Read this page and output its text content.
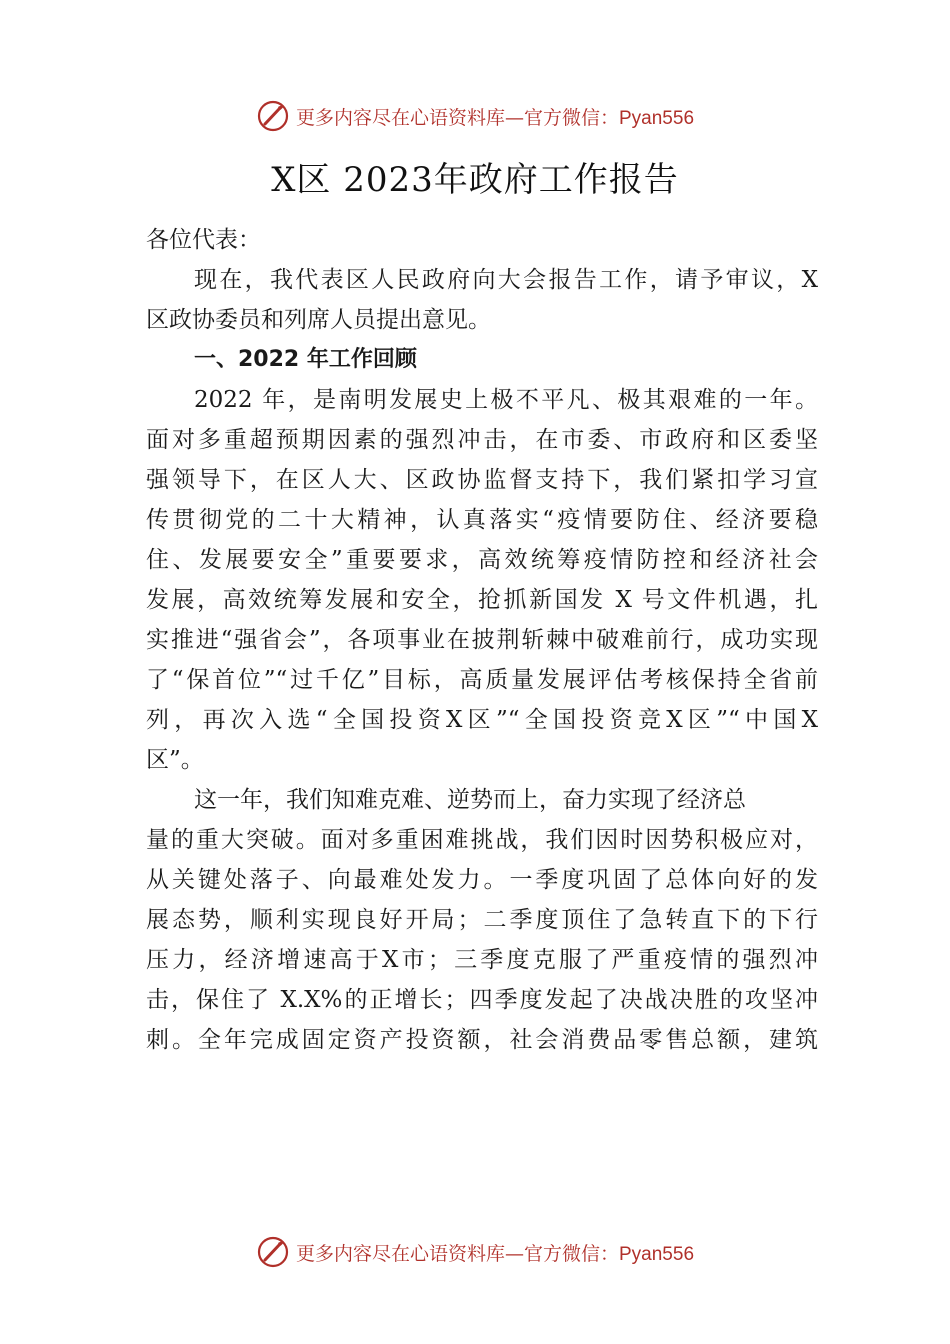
更多内容尽在心语资料库—官方微信：Pyan556
X区 2023年政府工作报告
各位代表：
现在，我代表区人民政府向大会报告工作，请予审议，X
区政协委员和列席人员提出意见。
一、2022 年工作回顾
2022 年，是南明发展史上极不平凡、极其艰难的一年。
面对多重超预期因素的强烈冲击，在市委、市政府和区委坚
强领导下，在区人大、区政协监督支持下，我们紧扣学习宣
传贯彻党的二十大精神，认真落实“疫情要防住、经济要稳
住、发展要安全”重要要求，高效统筹疫情防控和经济社会
发展，高效统筹发展和安全，抢抓新国发 X 号文件机遇，扎
实推进“强省会”，各项事业在披荆斩棘中破难前行，成功实现
了“保首位”“过千亿”目标，高质量发展评估考核保持全省前
列，再次入选“全国投资X区”“全国投资竞X区”“中国X
区”。
这一年，我们知难克难、逆势而上，奋力实现了经济总
量的重大突破。面对多重困难挑战，我们因时因势积极应对，
从关键处落子、向最难处发力。一季度巩固了总体向好的发
展态势，顺利实现良好开局；二季度顶住了急转直下的下行
压力，经济增速高于X市；三季度克服了严重疫情的强烈冲
击，保住了 X.X%的正增长；四季度发起了决战决胜的攻坚冲
刺。全年完成固定资产投资额，社会消费品零售总额，建筑
更多内容尽在心语资料库—官方微信：Pyan556
